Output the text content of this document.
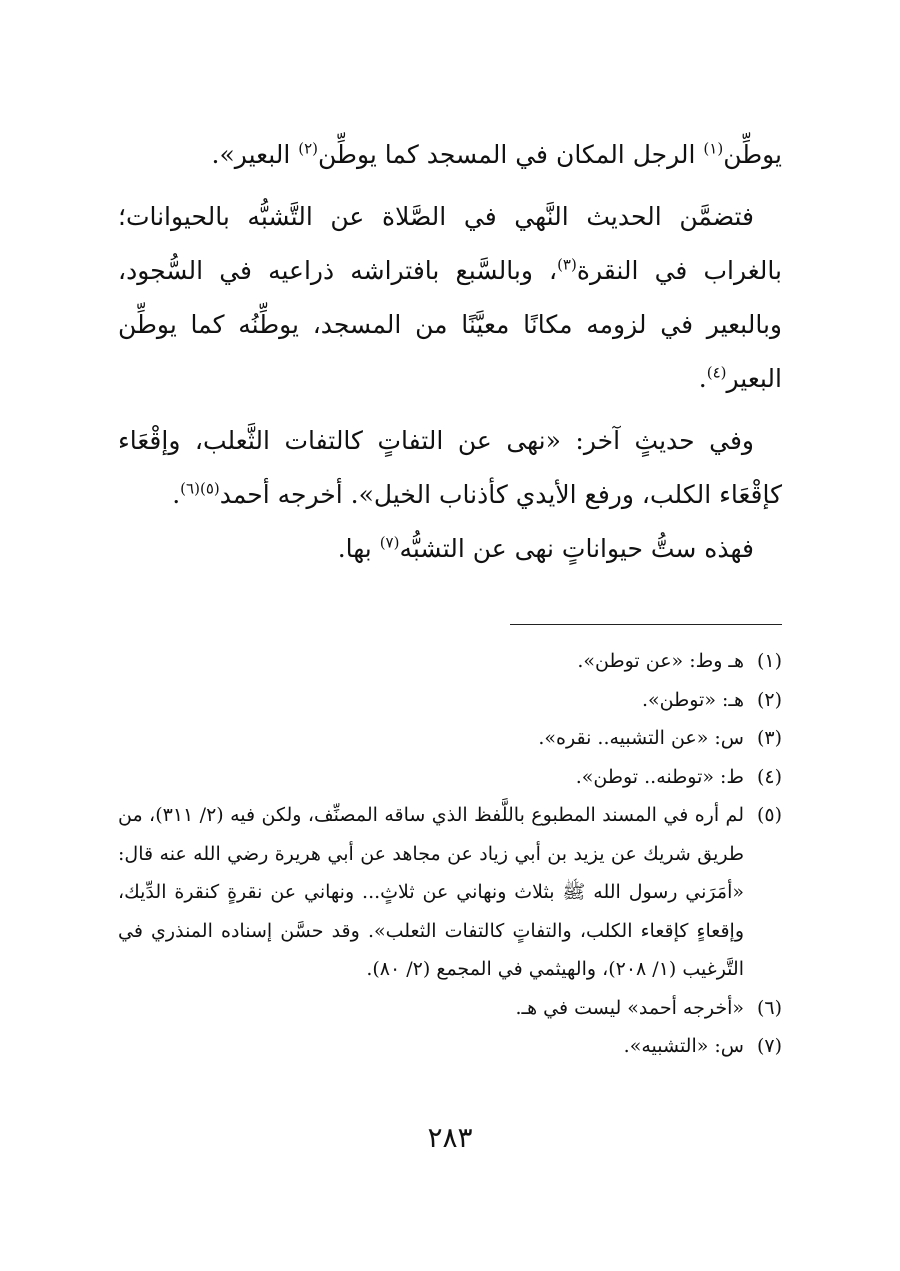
يوطِّن$^{(١)}$ الرجل المكان في المسجد كما يوطِّن$^{(٢)}$ البعير».

فتضمَّن الحديث النَّهي في الصَّلاة عن التَّشبُّه بالحيوانات؛ بالغراب في النقرة$^{(٣)}$، وبالسَّبع بافتراشه ذراعيه في السُّجود، وبالبعير في لزومه مكانًا معيَّنًا من المسجد، يوطِّنُه كما يوطِّن البعير$^{(٤)}$.

وفي حديثٍ آخر: «نهى عن التفاتٍ كالتفات الثَّعلب، وإقْعَاء كإقْعَاء الكلب، ورفع الأيدي كأذناب الخيل». أخرجه أحمد$^{(٥)(٦)}$.

فهذه ستُّ حيواناتٍ نهى عن التشبُّه$^{(٧)}$ بها.

(١)
هـ وط: «عن توطن».
(٢)
هـ: «توطن».
(٣)
س: «عن التشبيه.. نقره».
(٤)
ط: «توطنه.. توطن».
(٥)
لم أره في المسند المطبوع باللَّفظ الذي ساقه المصنِّف، ولكن فيه (٢/ ٣١١)، من طريق شريك عن يزيد بن أبي زياد عن مجاهد عن أبي هريرة رضي الله عنه قال: «أمَرَني رسول الله ﷺ بثلاث ونهاني عن ثلاثٍ... ونهاني عن نقرةٍ كنقرة الدِّيك، وإقعاءٍ كإقعاء الكلب، والتفاتٍ كالتفات الثعلب». وقد حسَّن إسناده المنذري في التَّرغيب (١/ ٢٠٨)، والهيثمي في المجمع (٢/ ٨٠).
(٦)
«أخرجه أحمد» ليست في هـ.
(٧)
س: «التشبيه».
٢٨٣
